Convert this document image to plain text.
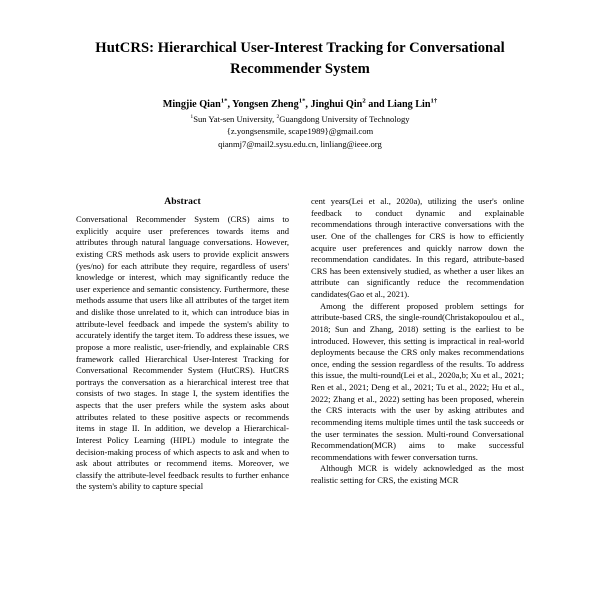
HutCRS: Hierarchical User-Interest Tracking for Conversational Recommender System

Mingjie Qian$^{1*}$, Yongsen Zheng$^{1*}$, Jinghui Qin$^2$ and Liang Lin$^{1\dagger}$

$^1$Sun Yat-sen University, $^2$Guangdong University of Technology

{z.yongsensmile, scape1989}@gmail.com

qianmj7@mail2.sysu.edu.cn, linliang@ieee.org

Abstract

Conversational Recommender System (CRS) aims to explicitly acquire user preferences towards items and attributes through natural language conversations. However, existing CRS methods ask users to provide explicit answers (yes/no) for each attribute they require, regardless of users' knowledge or interest, which may significantly reduce the user experience and semantic consistency. Furthermore, these methods assume that users like all attributes of the target item and dislike those unrelated to it, which can introduce bias in attribute-level feedback and impede the system's ability to accurately identify the target item. To address these issues, we propose a more realistic, user-friendly, and explainable CRS framework called Hierarchical User-Interest Tracking for Conversational Recommender System (HutCRS). HutCRS portrays the conversation as a hierarchical interest tree that consists of two stages. In stage I, the system identifies the aspects that the user prefers while the system asks about attributes related to these positive aspects or recommends items in stage II. In addition, we develop a Hierarchical-Interest Policy Learning (HIPL) module to integrate the decision-making process of which aspects to ask and when to ask about attributes or recommend items. Moreover, we classify the attribute-level feedback results to further enhance the system's ability to capture special

cent years(Lei et al., 2020a), utilizing the user's online feedback to conduct dynamic and explainable recommendations through interactive conversations with the user. One of the challenges for CRS is how to efficiently acquire user preferences and quickly narrow down the recommendation candidates. In this regard, attribute-based CRS has been extensively studied, as whether a user likes an attribute can significantly reduce the recommendation candidates(Gao et al., 2021).

Among the different proposed problem settings for attribute-based CRS, the single-round(Christakopoulou et al., 2018; Sun and Zhang, 2018) setting is the earliest to be introduced. However, this setting is impractical in real-world deployments because the CRS only makes recommendations once, ending the session regardless of the results. To address this issue, the multi-round(Lei et al., 2020a,b; Xu et al., 2021; Ren et al., 2021; Deng et al., 2021; Tu et al., 2022; Hu et al., 2022; Zhang et al., 2022) setting has been proposed, wherein the CRS interacts with the user by asking attributes and recommending items multiple times until the task succeeds or the user terminates the session. Multi-round Conversational Recommendation(MCR) aims to make successful recommendations with fewer conversation turns.

Although MCR is widely acknowledged as the most realistic setting for CRS, the existing MCR
